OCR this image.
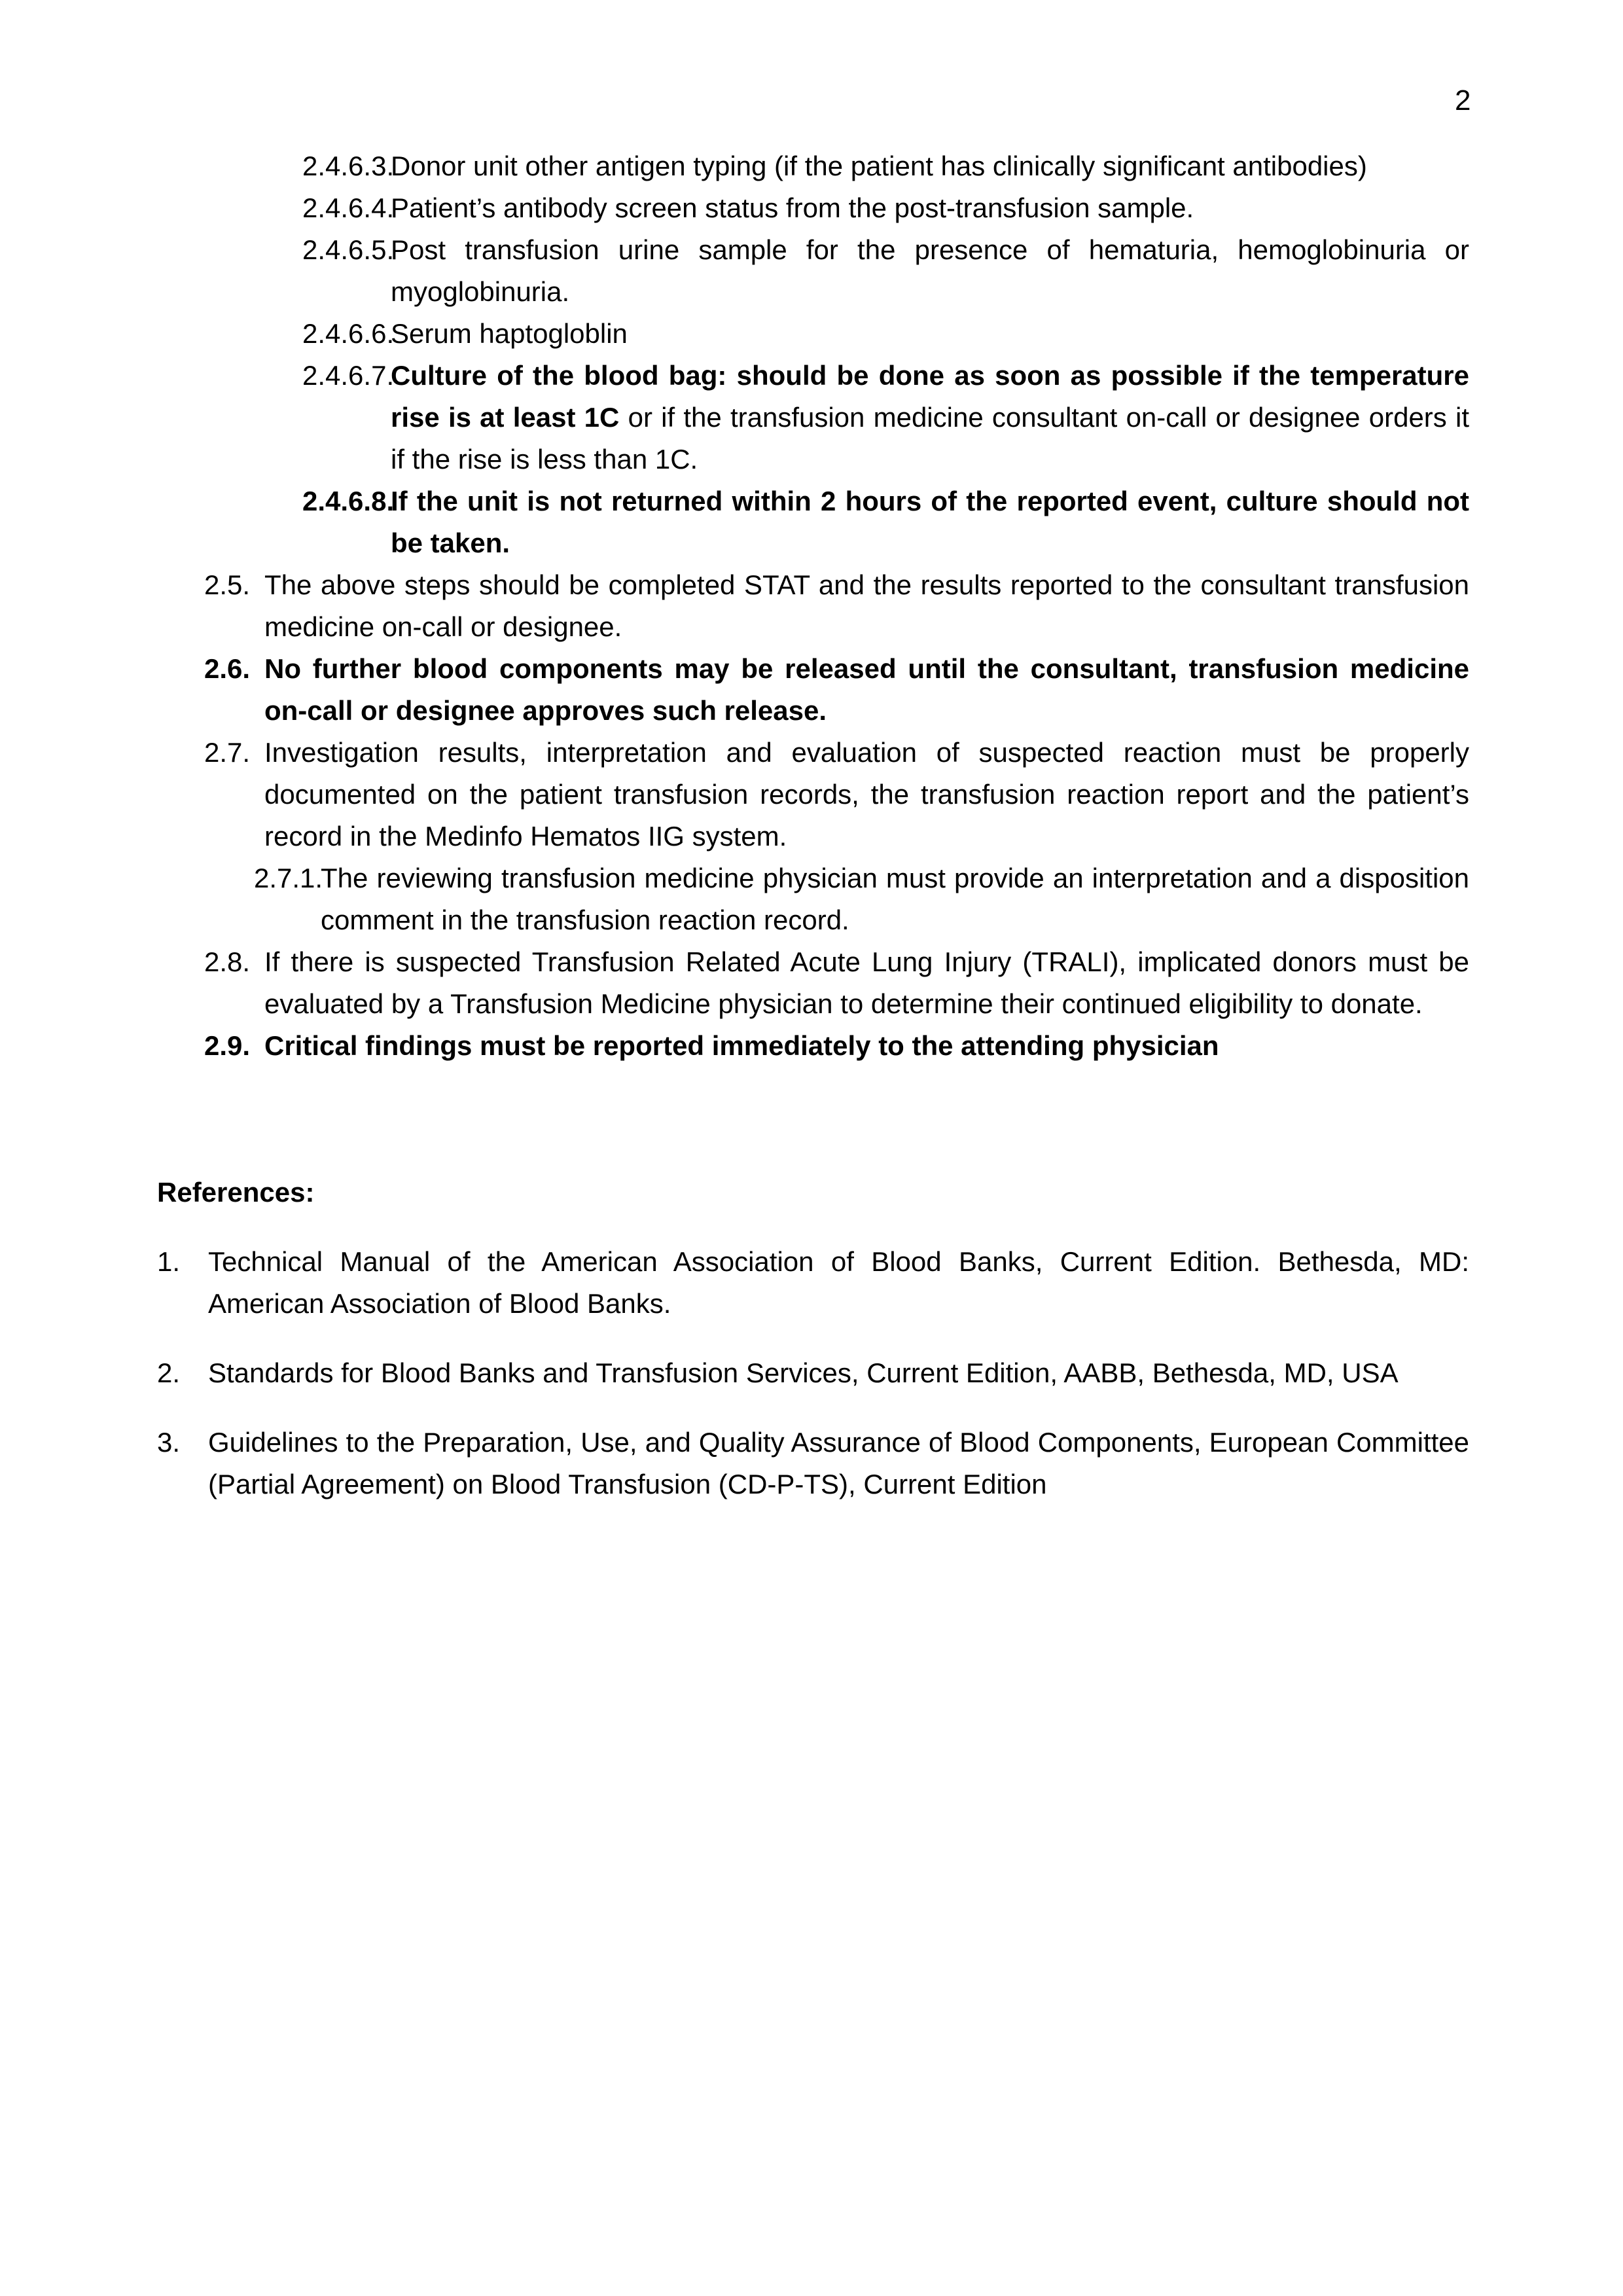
2

2.4.6.3.Donor unit other antigen typing (if the patient has clinically significant antibodies)

2.4.6.4.Patient’s antibody screen status from the post-transfusion sample.

2.4.6.5.Post transfusion urine sample for the presence of hematuria, hemoglobinuria or myoglobinuria.

2.4.6.6.Serum haptogloblin

2.4.6.7.Culture of the blood bag: should be done as soon as possible if the temperature rise is at least 1C or if the transfusion medicine consultant on-call or designee orders it if the rise is less than 1C.

2.4.6.8.If the unit is not returned within 2 hours of the reported event, culture should not be taken.

2.5. The above steps should be completed STAT and the results reported to the consultant transfusion medicine on-call or designee.

2.6. No further blood components may be released until the consultant, transfusion medicine on-call or designee approves such release.

2.7. Investigation results, interpretation and evaluation of suspected reaction must be properly documented on the patient transfusion records, the transfusion reaction report and the patient’s record in the Medinfo Hematos IIG system.

2.7.1.The reviewing transfusion medicine physician must provide an interpretation and a disposition comment in the transfusion reaction record.

2.8. If there is suspected Transfusion Related Acute Lung Injury (TRALI), implicated donors must be evaluated by a Transfusion Medicine physician to determine their continued eligibility to donate.

2.9. Critical findings must be reported immediately to the attending physician

References:

1. Technical Manual of the American Association of Blood Banks, Current Edition. Bethesda, MD: American Association of Blood Banks.

2. Standards for Blood Banks and Transfusion Services, Current Edition, AABB, Bethesda, MD, USA

3. Guidelines to the Preparation, Use, and Quality Assurance of Blood Components, European Committee (Partial Agreement) on Blood Transfusion (CD-P-TS), Current Edition
